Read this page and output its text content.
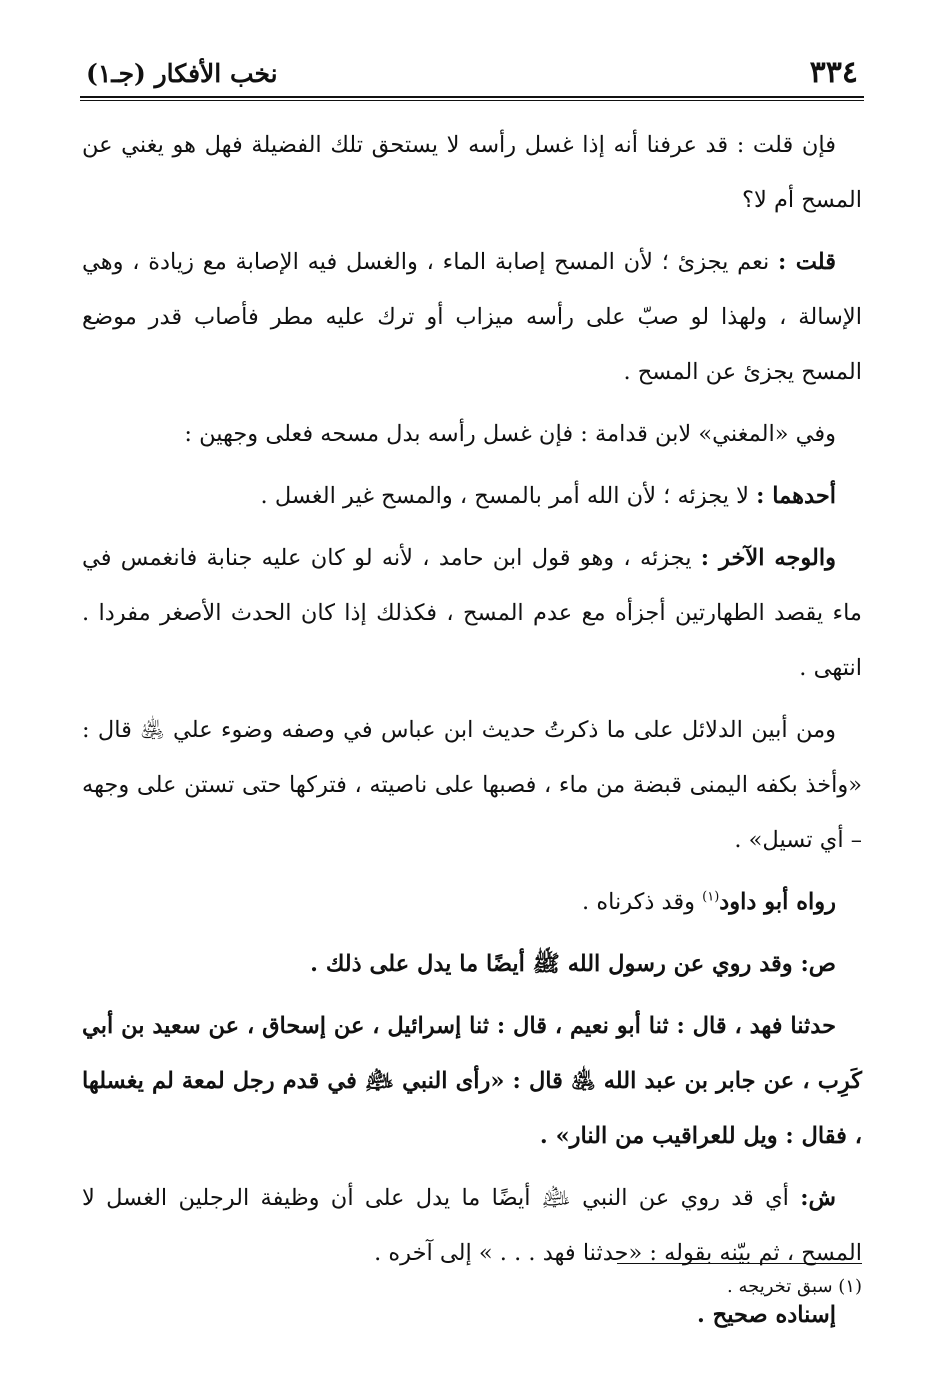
٣٣٤
نخب الأفكار (جـ١)

فإن قلت : قد عرفنا أنه إذا غسل رأسه لا يستحق تلك الفضيلة فهل هو يغني عن المسح أم لا؟

قلت : نعم يجزئ ؛ لأن المسح إصابة الماء ، والغسل فيه الإصابة مع زيادة ، وهي الإسالة ، ولهذا لو صبّ على رأسه ميزاب أو ترك عليه مطر فأصاب قدر موضع المسح يجزئ عن المسح .

وفي «المغني» لابن قدامة : فإن غسل رأسه بدل مسحه فعلى وجهين :

أحدهما : لا يجزئه ؛ لأن الله أمر بالمسح ، والمسح غير الغسل .

والوجه الآخر : يجزئه ، وهو قول ابن حامد ، لأنه لو كان عليه جنابة فانغمس في ماء يقصد الطهارتين أجزأه مع عدم المسح ، فكذلك إذا كان الحدث الأصغر مفردا . انتهى .

ومن أبين الدلائل على ما ذكرتُ حديث ابن عباس في وصفه وضوء علي ﵁ قال : «وأخذ بكفه اليمنى قبضة من ماء ، فصبها على ناصيته ، فتركها حتى تستن على وجهه – أي تسيل» .

رواه أبو داود$^{(١)}$ وقد ذكرناه .

ص: وقد روي عن رسول الله ﷺ أيضًا ما يدل على ذلك .

حدثنا فهد ، قال : ثنا أبو نعيم ، قال : ثنا إسرائيل ، عن إسحاق ، عن سعيد بن أبي كَرِب ، عن جابر بن عبد الله ﵁ قال : «رأى النبي ﵇ في قدم رجل لمعة لم يغسلها ، فقال : ويل للعراقيب من النار» .

ش: أي قد روي عن النبي ﵇ أيضًا ما يدل على أن وظيفة الرجلين الغسل لا المسح ، ثم بيّنه بقوله : «حدثنا فهد . . . » إلى آخره .

إسناده صحيح .

(١) سبق تخريجه .
